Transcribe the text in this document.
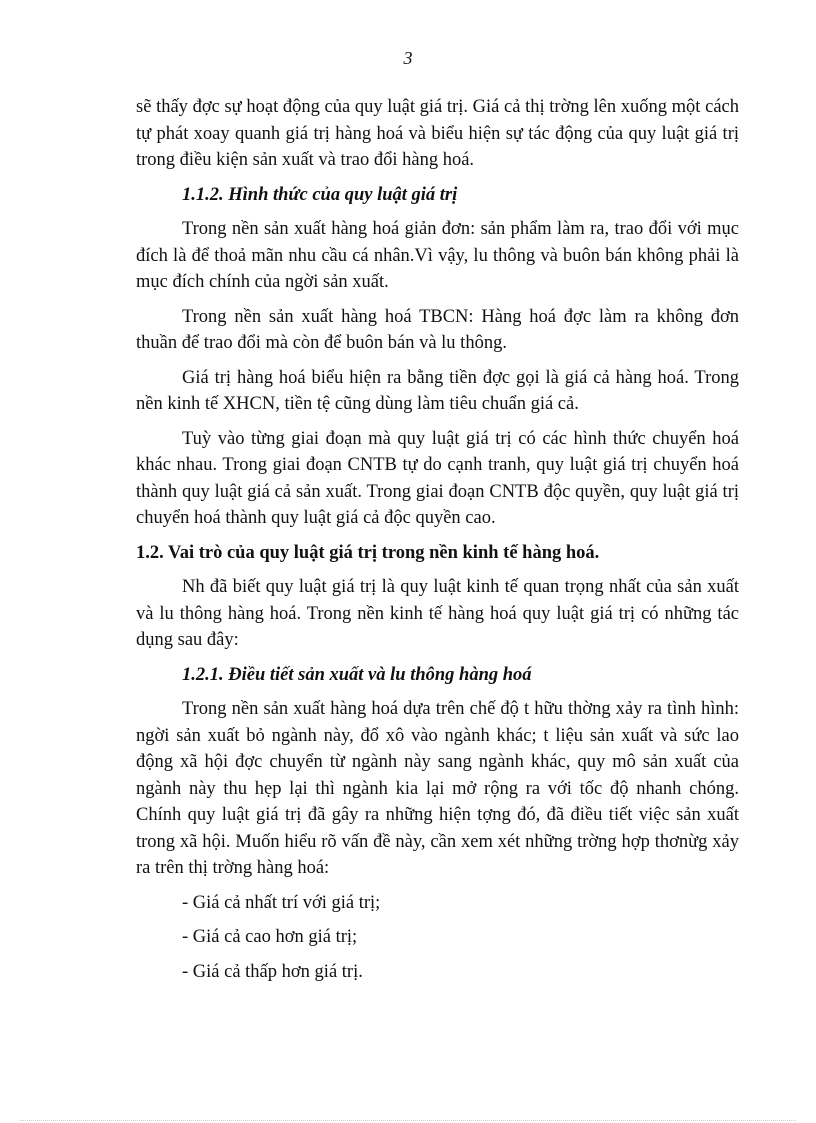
3

sẽ thấy đợc sự hoạt động của quy luật giá trị. Giá cả thị trờng lên xuống một cách tự phát xoay quanh giá trị hàng hoá và biểu hiện sự tác động của quy luật giá trị trong điều kiện sản xuất và trao đổi hàng hoá.

1.1.2. Hình thức của quy luật giá trị

Trong nền sản xuất hàng hoá giản đơn: sản phẩm làm ra, trao đổi với mục đích là để thoả mãn nhu cầu cá nhân.Vì vậy, lu thông và buôn bán không phải là mục đích chính của ngời sản xuất.

Trong nền sản xuất hàng hoá TBCN: Hàng hoá đợc làm ra không đơn thuần để trao đổi mà còn để buôn bán và lu thông.

Giá trị hàng hoá biểu hiện ra bằng tiền đợc gọi là giá cả hàng hoá. Trong nền kinh tế XHCN, tiền tệ cũng dùng làm tiêu chuẩn giá cả.

Tuỳ vào từng giai đoạn mà quy luật giá trị có các hình thức chuyển hoá khác nhau. Trong giai đoạn CNTB tự do cạnh tranh, quy luật giá trị chuyển hoá thành quy luật giá cả sản xuất. Trong giai đoạn CNTB độc quyền, quy luật giá trị chuyển hoá thành quy luật giá cả độc quyền cao.

1.2. Vai trò của quy luật giá trị trong nền kinh tế hàng hoá.

Nh đã biết quy luật giá trị là quy luật kinh tế quan trọng nhất của sản xuất và lu thông hàng hoá. Trong nền kinh tế hàng hoá quy luật giá trị có những tác dụng sau đây:

1.2.1. Điều tiết sản xuất và lu thông hàng hoá

Trong nền sản xuất hàng hoá dựa trên chế độ t hữu thờng xảy ra tình hình: ngời sản xuất bỏ ngành này, đổ xô vào ngành khác; t liệu sản xuất và sức lao động xã hội đợc chuyển từ ngành này sang ngành khác, quy mô sản xuất của ngành này thu hẹp lại thì ngành kia lại mở rộng ra với tốc độ nhanh chóng. Chính quy luật giá trị đã gây ra những hiện tợng đó, đã điều tiết việc sản xuất trong xã hội. Muốn hiểu rõ vấn đề này, cần xem xét những trờng hợp thơnừg xảy ra trên thị trờng hàng hoá:

- Giá cả nhất trí với giá trị;

- Giá cả cao hơn giá trị;

- Giá cả thấp hơn giá trị.
